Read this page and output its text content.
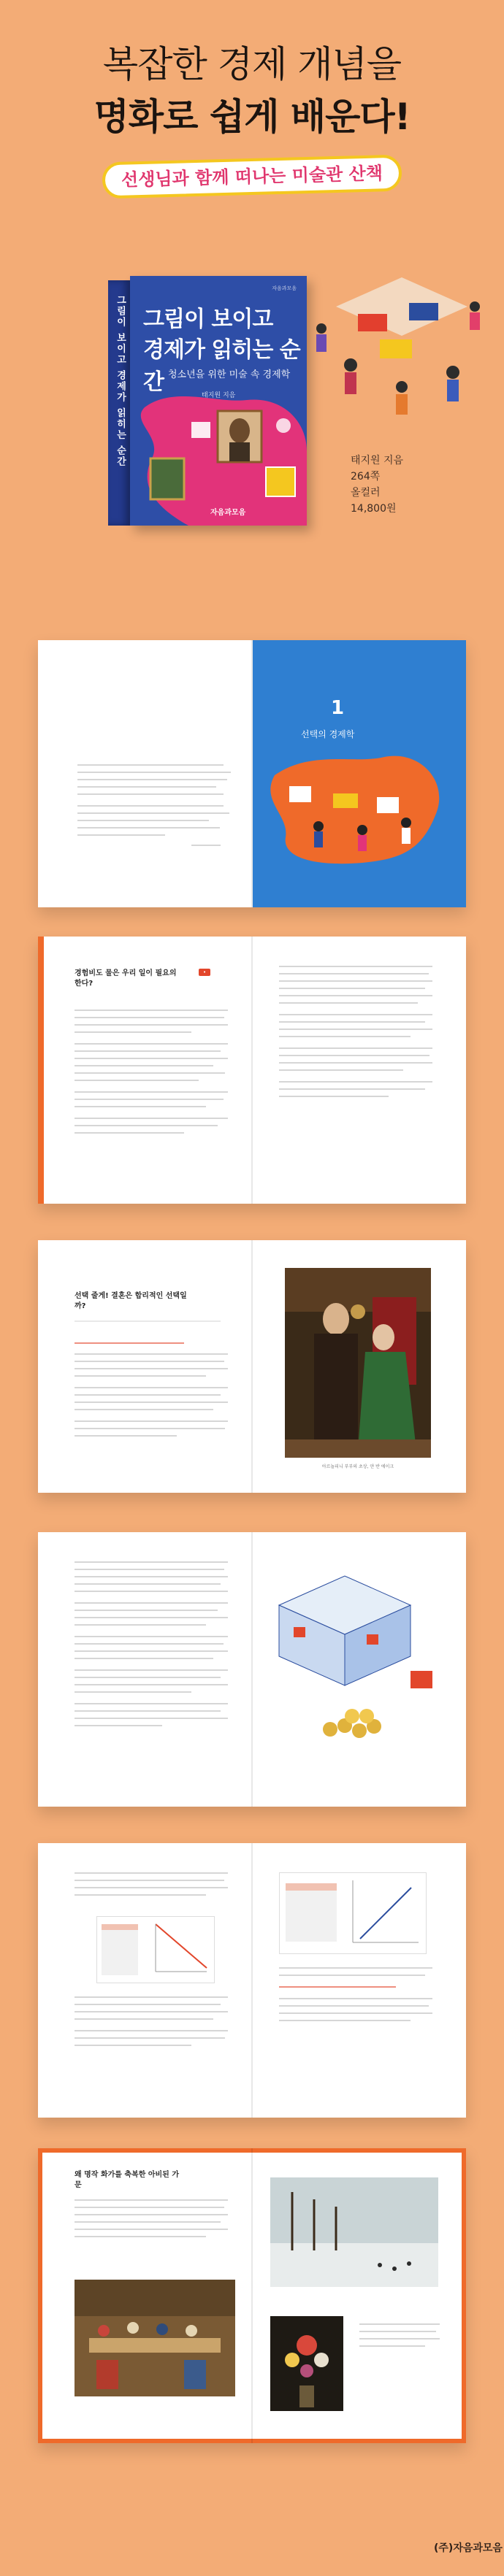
복잡한 경제 개념을
명화로 쉽게 배운다!
선생님과 함께 떠나는 미술관 산책
그림이 보이고 경제가 읽히는 순간
자음과모음
그림이 보이고
경제가 읽히는 순간 청소년을 위한 미술 속 경제학
태지원 지음
자음과모음
태지원 지음
264쪽
올컬러
14,800원
1
선택의 경제학
경험비도 물은 우리 일이 필요의 한다?
•
선택 줄게! 결혼은 합리적인 선택일까?
아르놀피니 부부의 초상, 얀 반 에이크
왜 명작 화가를 축복한 아비된 가문
(주)자음과모음
